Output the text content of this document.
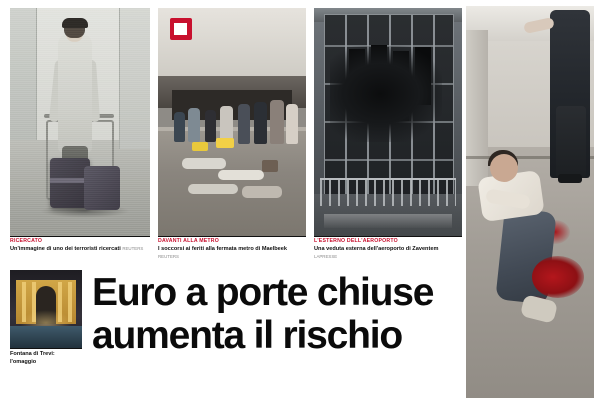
RICERCATO
Un'immagine di uno dei terroristi ricercati REUTERS
DAVANTI ALLA METRO
I soccorsi ai feriti alla fermata metro di Maelbeek REUTERS
L'ESTERNO DELL'AEROPORTO
Una veduta esterna dell'aeroporto di Zaventem LAPRESSE
Fontana di Trevi: l'omaggio
Euro a porte chiuse
aumenta il rischio
